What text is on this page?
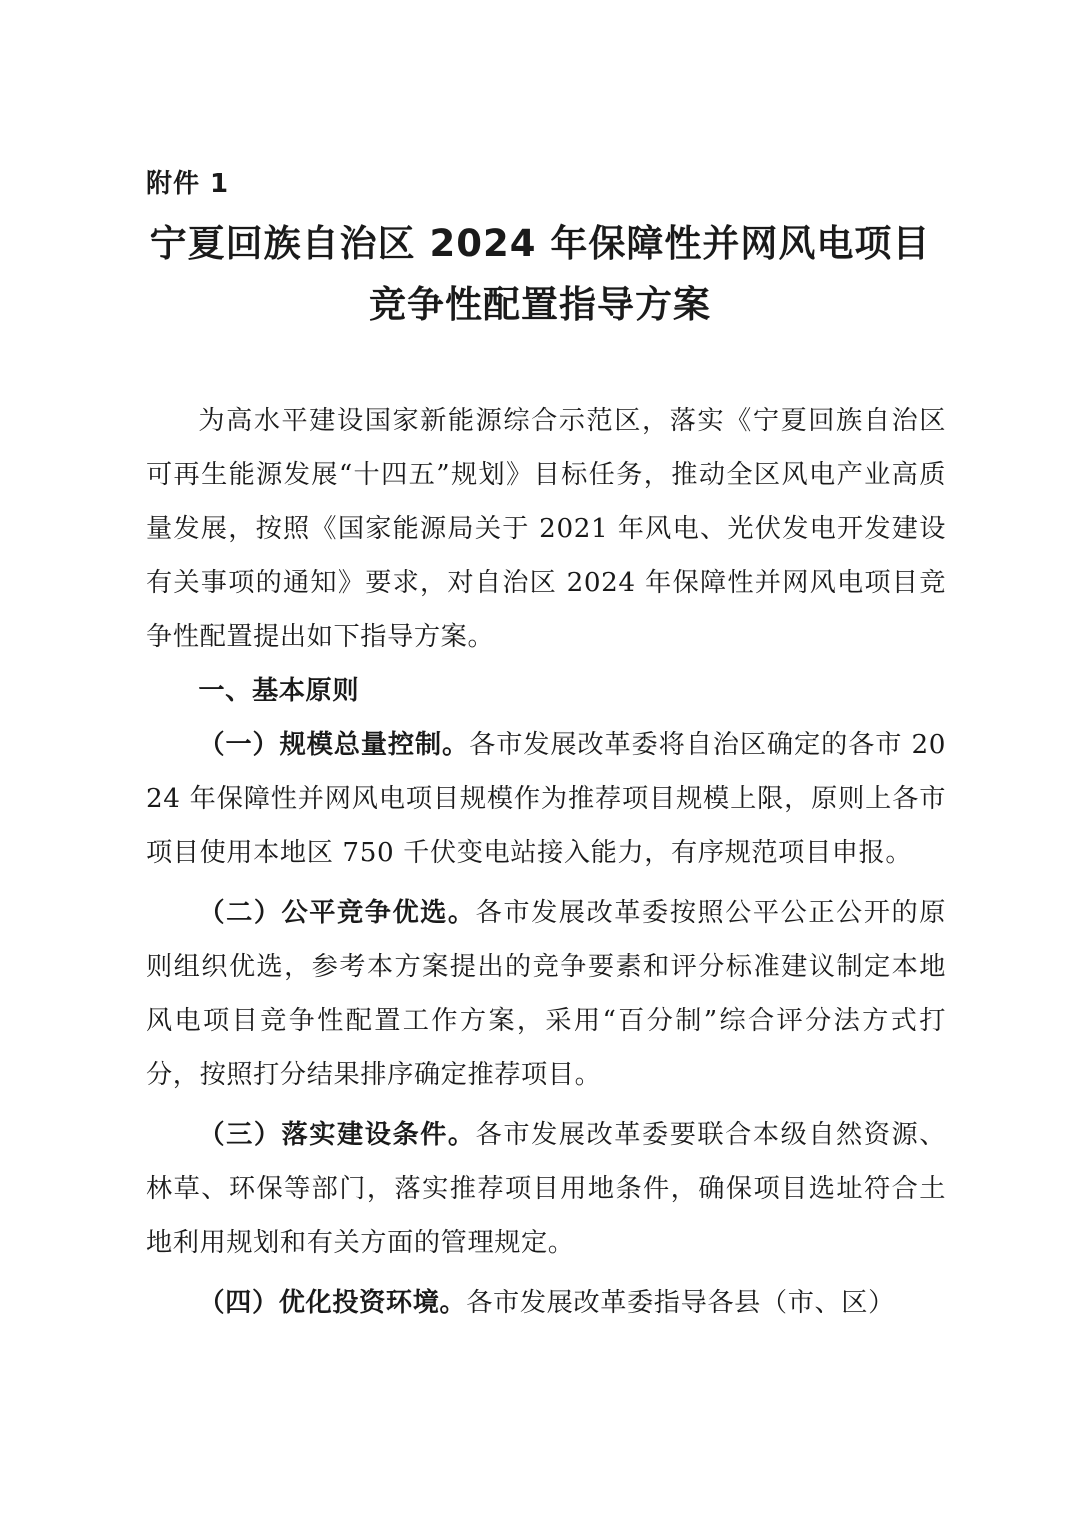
附件 1
宁夏回族自治区 2024 年保障性并网风电项目
竞争性配置指导方案

为高水平建设国家新能源综合示范区，落实《宁夏回族自治区可再生能源发展“十四五”规划》目标任务，推动全区风电产业高质量发展，按照《国家能源局关于 2021 年风电、光伏发电开发建设有关事项的通知》要求，对自治区 2024 年保障性并网风电项目竞争性配置提出如下指导方案。

一、基本原则

（一）规模总量控制。各市发展改革委将自治区确定的各市 2024 年保障性并网风电项目规模作为推荐项目规模上限，原则上各市项目使用本地区 750 千伏变电站接入能力，有序规范项目申报。

（二）公平竞争优选。各市发展改革委按照公平公正公开的原则组织优选，参考本方案提出的竞争要素和评分标准建议制定本地风电项目竞争性配置工作方案，采用“百分制”综合评分法方式打分，按照打分结果排序确定推荐项目。

（三）落实建设条件。各市发展改革委要联合本级自然资源、林草、环保等部门，落实推荐项目用地条件，确保项目选址符合土地利用规划和有关方面的管理规定。

（四）优化投资环境。各市发展改革委指导各县（市、区）
